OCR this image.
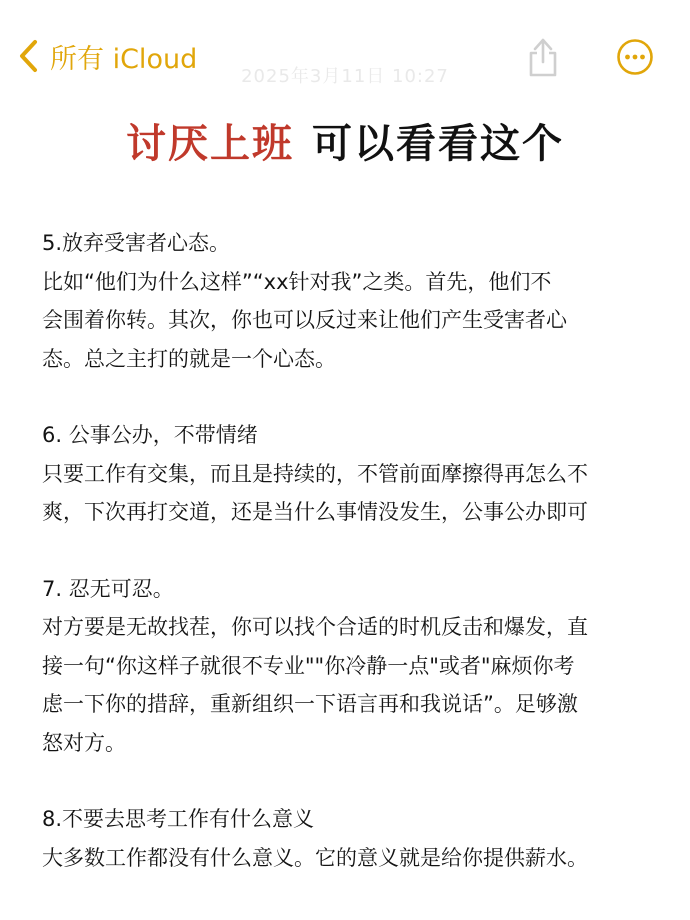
所有 iCloud
2025年3月11日 10:27
讨厌上班 可以看看这个

5.放弃受害者心态。

比如“他们为什么这样”“xx针对我”之类。首先，他们不

会围着你转。其次，你也可以反过来让他们产生受害者心

态。总之主打的就是一个心态。

6. 公事公办，不带情绪

只要工作有交集，而且是持续的，不管前面摩擦得再怎么不

爽，下次再打交道，还是当什么事情没发生，公事公办即可

7. 忍无可忍。

对方要是无故找茬，你可以找个合适的时机反击和爆发，直

接一句“你这样子就很不专业""你冷静一点"或者"麻烦你考

虑一下你的措辞，重新组织一下语言再和我说话”。足够激

怒对方。

8.不要去思考工作有什么意义

大多数工作都没有什么意义。它的意义就是给你提供薪水。
